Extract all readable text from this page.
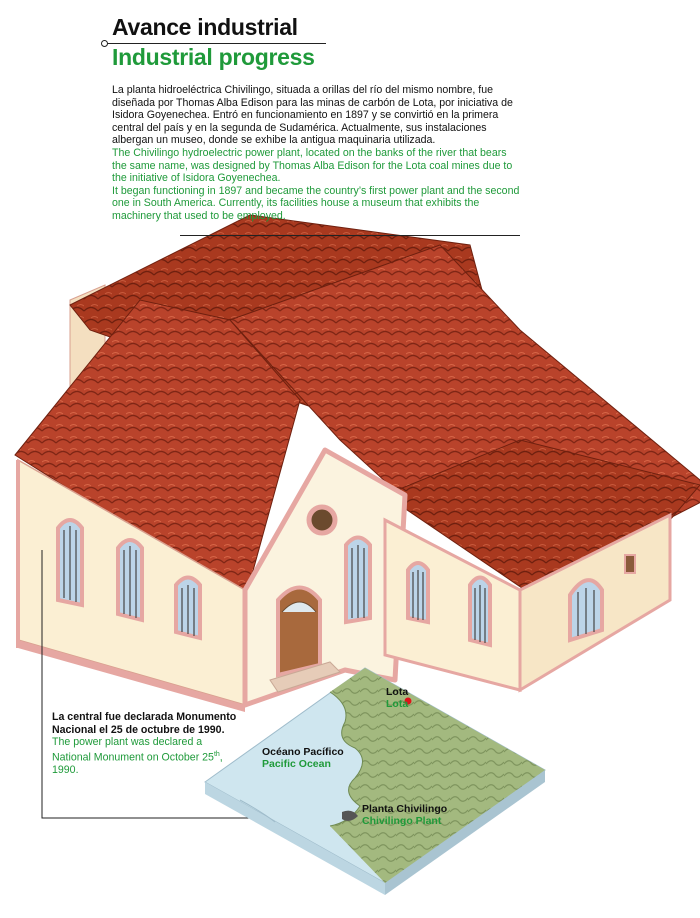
Avance industrial
Industrial progress

La planta hidroeléctrica Chivilingo, situada a orillas del río del mismo nombre, fue diseñada por Thomas Alba Edison para las minas de carbón de Lota, por iniciativa de Isidora Goyenechea. Entró en funcionamiento en 1897 y se convirtió en la primera central del país y en la segunda de Sudamérica. Actualmente, sus instalaciones albergan un museo, donde se exhibe la antigua maquinaria utilizada.

The Chivilingo hydroelectric power plant, located on the banks of the river that bears the same name, was designed by Thomas Alba Edison for the Lota coal mines due to the initiative of Isidora Goyenechea.

It began functioning in 1897 and became the country’s first power plant and the second one in South America. Currently, its facilities house a museum that exhibits the machinery that used to be employed.

La central fue declarada Monumento Nacional el 25 de octubre de 1990.

The power plant was declared a National Monument on October 25th, 1990.

Lota
Lota
Océano Pacífico
Pacific Ocean
Planta Chivilingo
Chivilingo Plant
